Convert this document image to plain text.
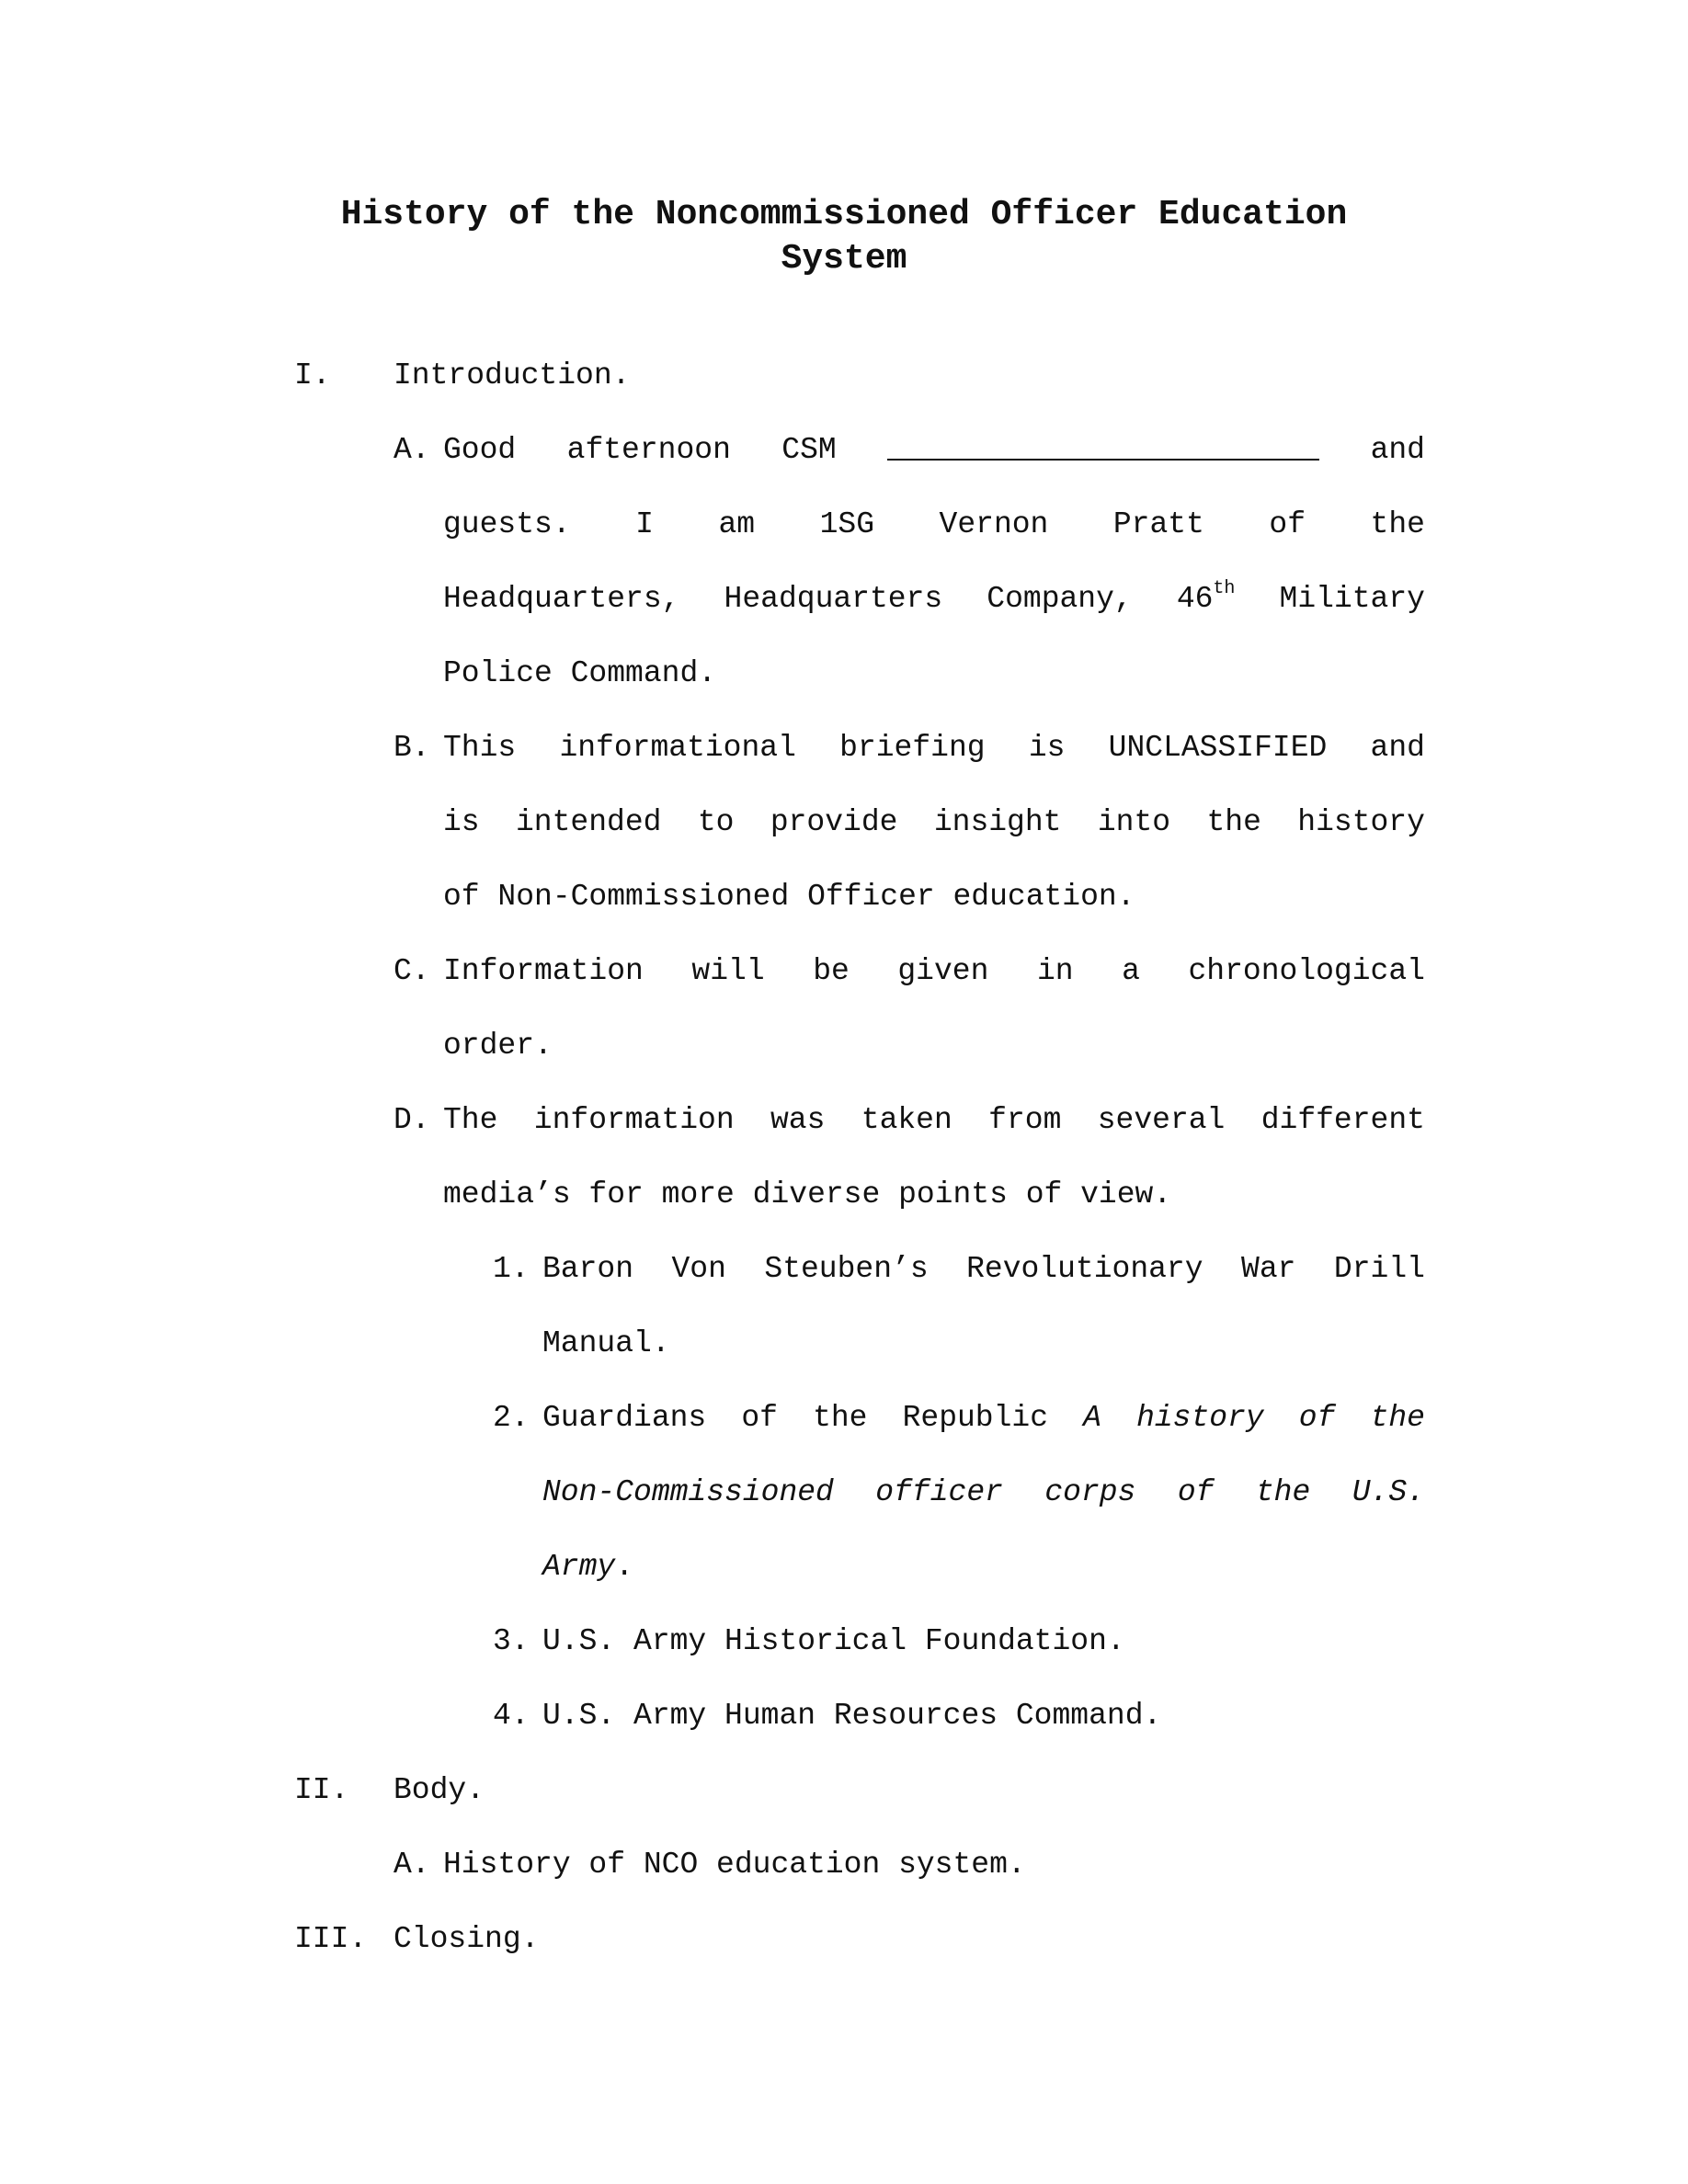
History of the Noncommissioned Officer Education
System
I. Introduction.
A. Good afternoon CSM	and
guests. I am 1SG Vernon Pratt of the
Headquarters, Headquarters Company, 46th Military
Police Command.
B. This informational briefing is UNCLASSIFIED and
is intended to provide insight into the history
of Non-Commissioned Officer education.
C. Information will be given in a chronological
order.
D. The information was taken from several different
media’s for more diverse points of view.
1. Baron Von Steuben’s Revolutionary War Drill
Manual.
2. Guardians of the Republic A history of the
Non-Commissioned officer corps of the U.S.
Army.
3. U.S. Army Historical Foundation.
4. U.S. Army Human Resources Command.
II. Body.
A. History of NCO education system.
III. Closing.
